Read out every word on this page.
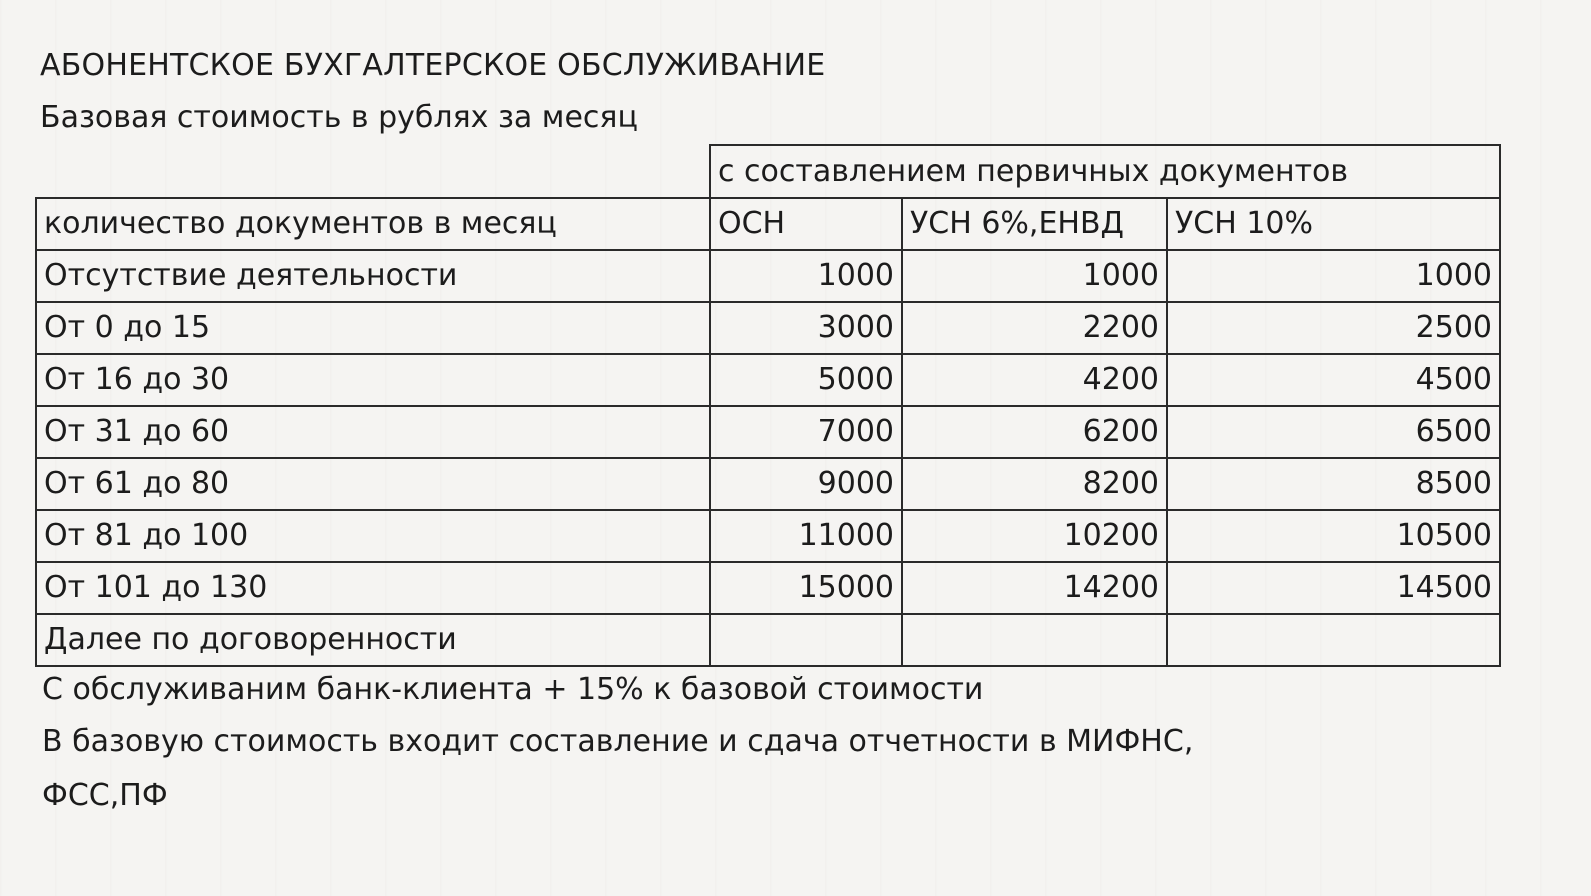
АБОНЕНТСКОЕ БУХГАЛТЕРСКОЕ ОБСЛУЖИВАНИЕ
Базовая стоимость в рублях за месяц
	с составлением первичных документов		
количество документов в месяц	ОСН	УСН 6%,ЕНВД	УСН 10%
Отсутствие деятельности	1000	1000	1000
От 0 до 15	3000	2200	2500
От 16 до 30	5000	4200	4500
От 31 до 60	7000	6200	6500
От 61 до 80	9000	8200	8500
От 81 до 100	11000	10200	10500
От 101 до 130	15000	14200	14500
Далее по договоренности			
С обслуживаним банк-клиента + 15% к базовой стоимости
В базовую стоимость входит составление и сдача отчетности в МИФНС,
ФСС,ПФ
